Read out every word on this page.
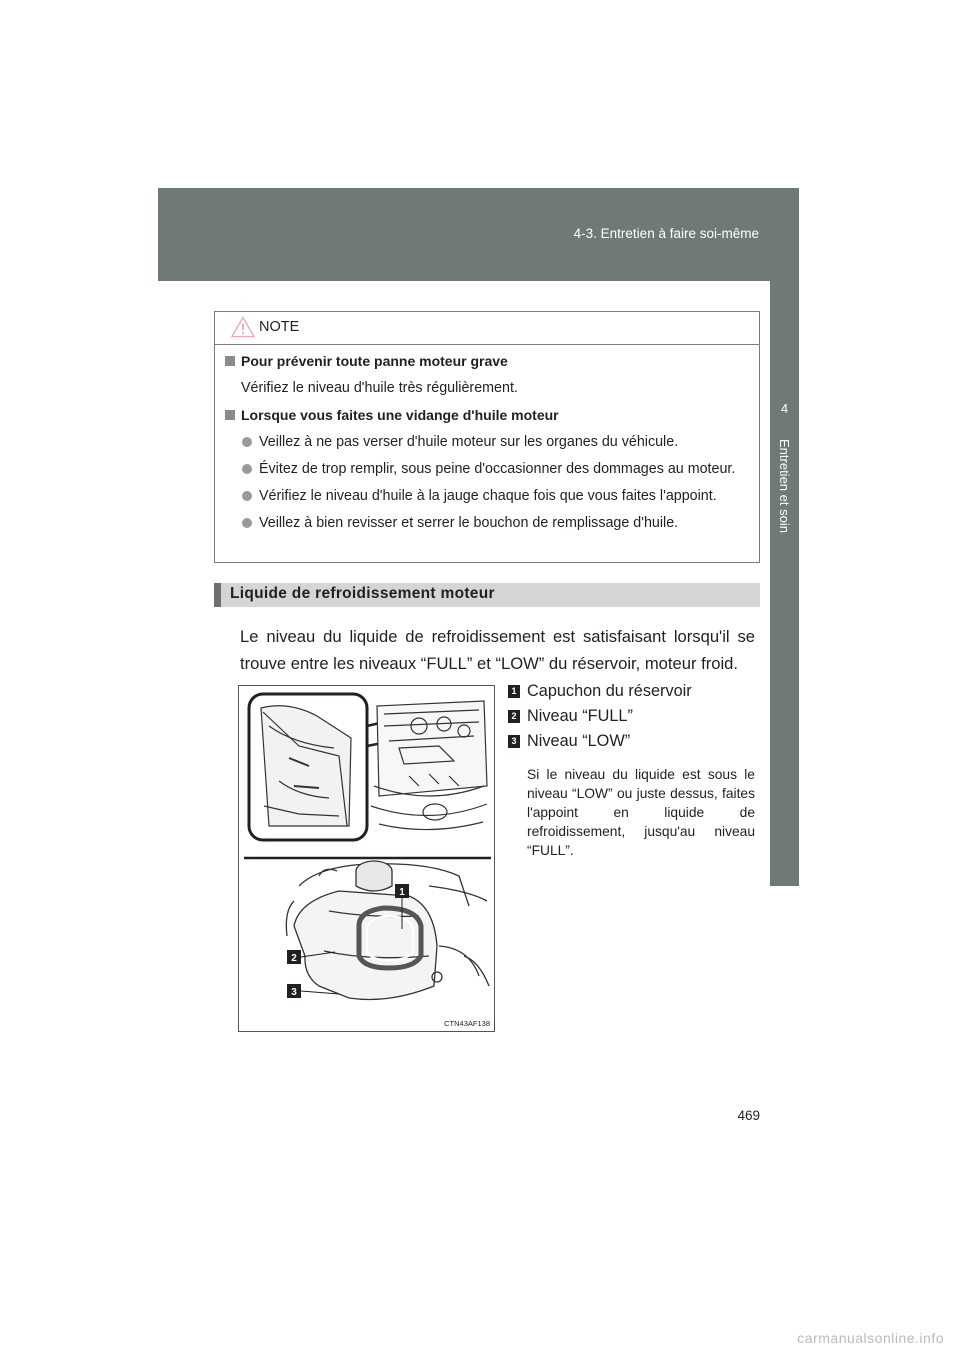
4-3. Entretien à faire soi-même
4
Entretien et soin
NOTE
Pour prévenir toute panne moteur grave
Vérifiez le niveau d'huile très régulièrement.
Lorsque vous faites une vidange d'huile moteur
Veillez à ne pas verser d'huile moteur sur les organes du véhicule.
Évitez de trop remplir, sous peine d'occasionner des dommages au moteur.
Vérifiez le niveau d'huile à la jauge chaque fois que vous faites l'appoint.
Veillez à bien revisser et serrer le bouchon de remplissage d'huile.
Liquide de refroidissement moteur
Le niveau du liquide de refroidissement est satisfaisant lorsqu'il se trouve entre les niveaux “FULL” et “LOW” du réservoir, moteur froid.
1
2
3
CTN43AF138
1 Capuchon du réservoir
2 Niveau “FULL”
3 Niveau “LOW”
Si le niveau du liquide est sous le niveau “LOW” ou juste dessus, faites l'appoint en liquide de refroidissement, jusqu'au niveau “FULL”.
469
carmanualsonline.info
